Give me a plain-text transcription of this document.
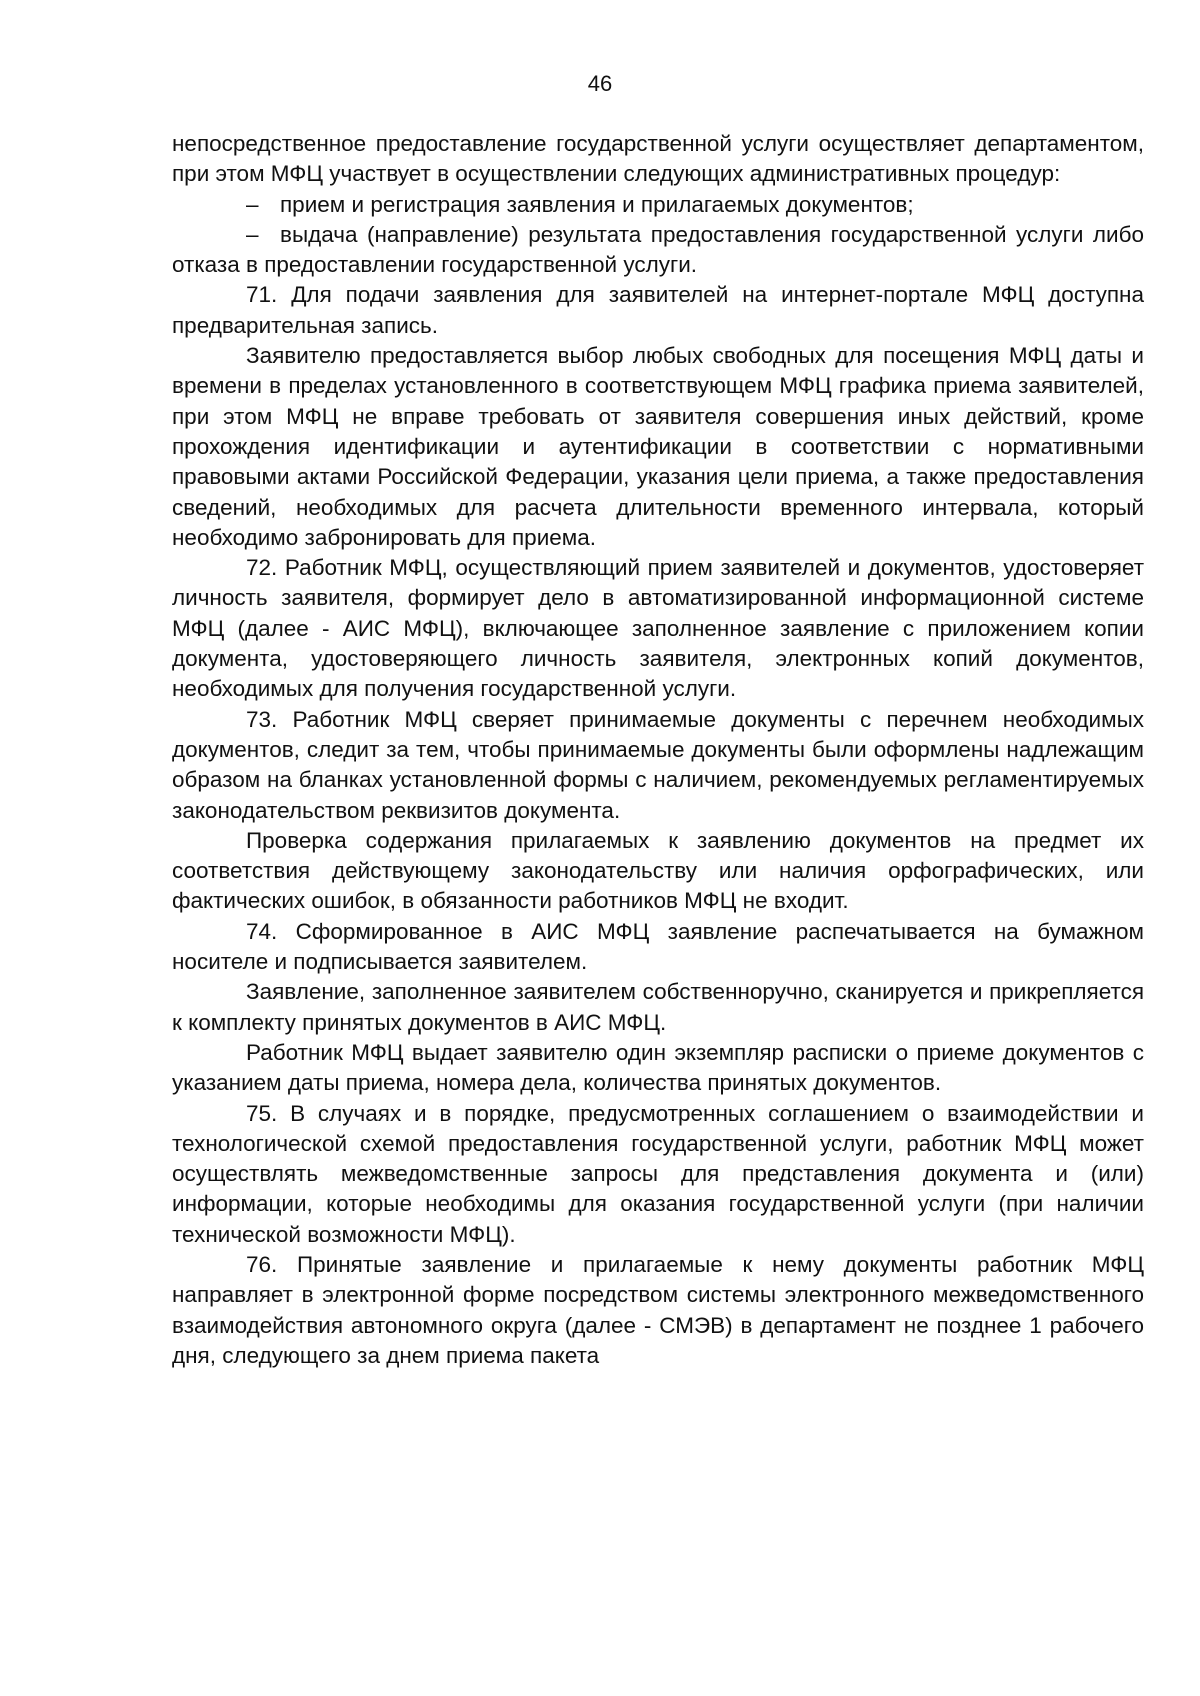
46

непосредственное предоставление государственной услуги осуществляет департаментом, при этом МФЦ участвует в осуществлении следующих административных процедур:

– прием и регистрация заявления и прилагаемых документов;

– выдача (направление) результата предоставления государственной услуги либо отказа в предоставлении государственной услуги.

71. Для подачи заявления для заявителей на интернет-портале МФЦ доступна предварительная запись.

Заявителю предоставляется выбор любых свободных для посещения МФЦ даты и времени в пределах установленного в соответствующем МФЦ графика приема заявителей, при этом МФЦ не вправе требовать от заявителя совершения иных действий, кроме прохождения идентификации и аутентификации в соответствии с нормативными правовыми актами Российской Федерации, указания цели приема, а также предоставления сведений, необходимых для расчета длительности временного интервала, который необходимо забронировать для приема.

72. Работник МФЦ, осуществляющий прием заявителей и документов, удостоверяет личность заявителя, формирует дело в автоматизированной информационной системе МФЦ (далее - АИС МФЦ), включающее заполненное заявление с приложением копии документа, удостоверяющего личность заявителя, электронных копий документов, необходимых для получения государственной услуги.

73. Работник МФЦ сверяет принимаемые документы с перечнем необходимых документов, следит за тем, чтобы принимаемые документы были оформлены надлежащим образом на бланках установленной формы с наличием, рекомендуемых регламентируемых законодательством реквизитов документа.

Проверка содержания прилагаемых к заявлению документов на предмет их соответствия действующему законодательству или наличия орфографических, или фактических ошибок, в обязанности работников МФЦ не входит.

74. Сформированное в АИС МФЦ заявление распечатывается на бумажном носителе и подписывается заявителем.

Заявление, заполненное заявителем собственноручно, сканируется и прикрепляется к комплекту принятых документов в АИС МФЦ.

Работник МФЦ выдает заявителю один экземпляр расписки о приеме документов с указанием даты приема, номера дела, количества принятых документов.

75. В случаях и в порядке, предусмотренных соглашением о взаимодействии и технологической схемой предоставления государственной услуги, работник МФЦ может осуществлять межведомственные запросы для представления документа и (или) информации, которые необходимы для оказания государственной услуги (при наличии технической возможности МФЦ).

76. Принятые заявление и прилагаемые к нему документы работник МФЦ направляет в электронной форме посредством системы электронного межведомственного взаимодействия автономного округа (далее - СМЭВ) в департамент не позднее 1 рабочего дня, следующего за днем приема пакета
